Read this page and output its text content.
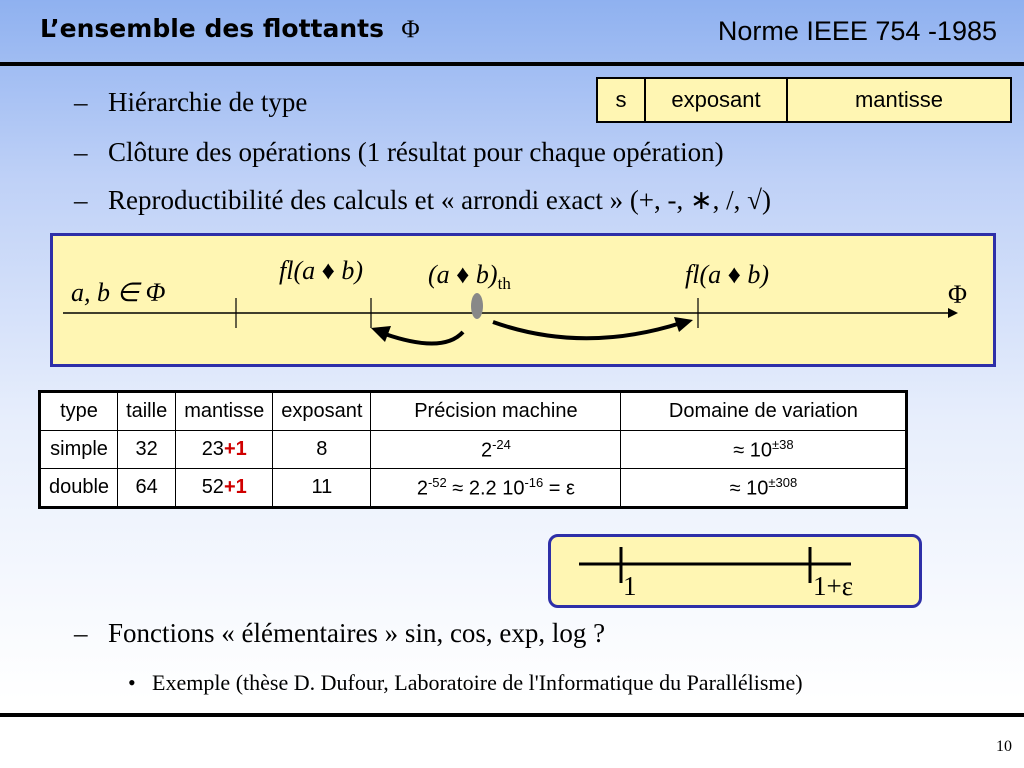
L’ensemble des flottants Φ	Norme IEEE 754 -1985
s	exposant	mantisse
– Hiérarchie de type
– Clôture des opérations (1 résultat pour chaque opération)
– Reproductibilité des calculs et « arrondi exact » (+, -, ∗, /, √)
a, b ∈ Φ	Φ
fl(a ♦ b) (a ♦ $b)_{th}$	fl(a ♦ b)
type	taille	mantisse	exposant	Précision machine	Domaine de variation
simple	32	23+1	8	$2^{-24}$	≈ $10^{\pm 38}$
double	64	52+1	11	$2^{-52} \approx 2.2$ $10^{-16} = \varepsilon$	≈ $10^{\pm 308}$
1	1+ε
– Fonctions « élémentaires » sin, cos, exp, log ?
• Exemple (thèse D. Dufour, Laboratoire de l'Informatique du Parallélisme)
10
